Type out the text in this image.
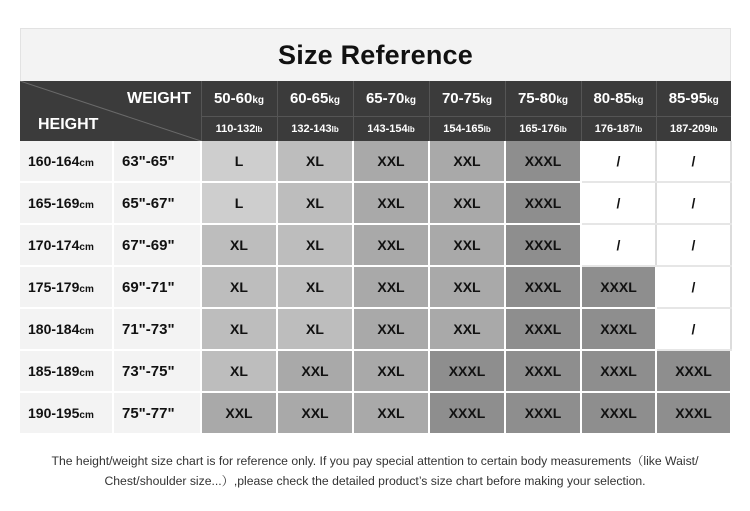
Size Reference
WEIGHT
HEIGHT		50-60kg	60-65kg	65-70kg	70-75kg	75-80kg	80-85kg	85-95kg
		110-132lb	132-143lb	143-154lb	154-165lb	165-176lb	176-187lb	187-209lb
160-164cm	63"-65"	L	XL	XXL	XXL	XXXL	/	/
165-169cm	65"-67"	L	XL	XXL	XXL	XXXL	/	/
170-174cm	67"-69"	XL	XL	XXL	XXL	XXXL	/	/
175-179cm	69"-71"	XL	XL	XXL	XXL	XXXL	XXXL	/
180-184cm	71"-73"	XL	XL	XXL	XXL	XXXL	XXXL	/
185-189cm	73"-75"	XL	XXL	XXL	XXXL	XXXL	XXXL	XXXL
190-195cm	75"-77"	XXL	XXL	XXL	XXXL	XXXL	XXXL	XXXL
The height/weight size chart is for reference only. If you pay special attention to certain body measurements（like Waist/
Chest/shoulder size...）,please check the detailed product’s size chart before making your selection.
